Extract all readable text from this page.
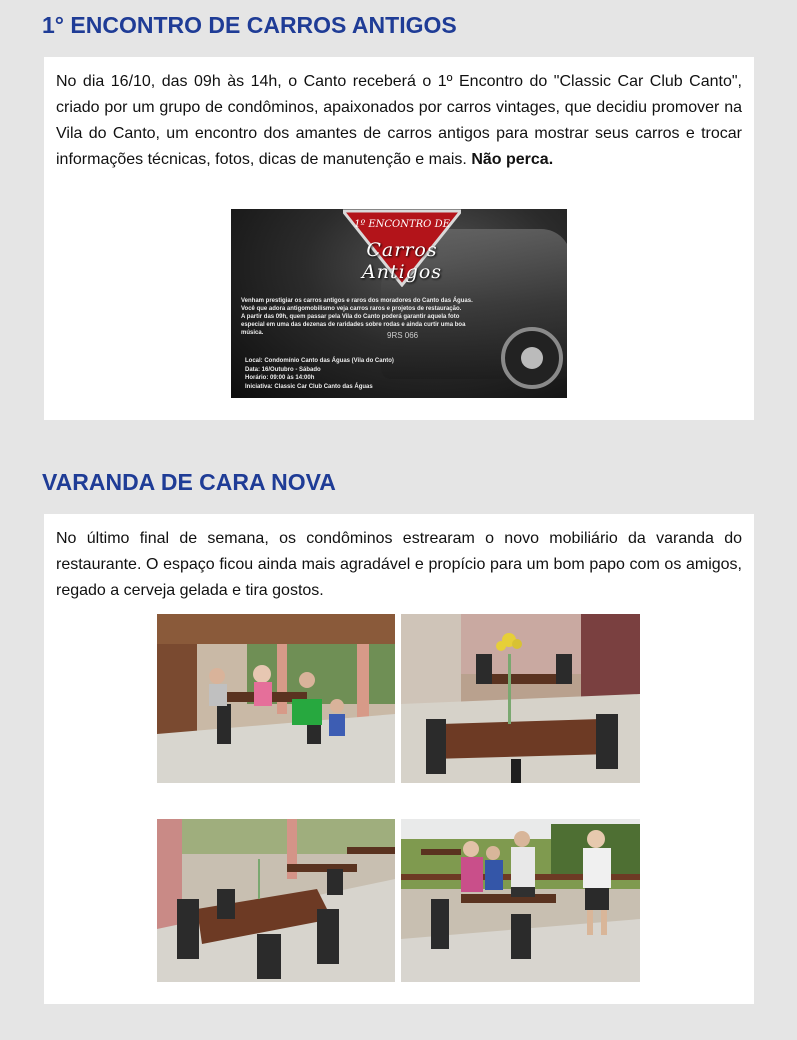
1° ENCONTRO DE CARROS ANTIGOS

No dia 16/10, das 09h às 14h, o Canto receberá o 1º Encontro do "Classic Car Club Canto", criado por um grupo de condôminos, apaixonados por carros vintages, que decidiu promover na Vila do Canto, um encontro dos amantes de carros antigos para mostrar seus carros e trocar informações técnicas, fotos, dicas de manutenção e mais. Não perca.

1º ENCONTRO DE
Carros Antigos
9RS 066
Venham prestigiar os carros antigos e raros dos moradores do Canto das Águas.
Você que adora antigomobilismo veja carros raros e projetos de restauração.
A partir das 09h, quem passar pela Vila do Canto poderá garantir aquela foto
especial em uma das dezenas de raridades sobre rodas e ainda curtir uma boa
música.
Local: Condomínio Canto das Águas (Vila do Canto)
Data: 16/Outubro - Sábado
Horário: 09:00 às 14:00h
Iniciativa: Classic Car Club Canto das Águas
VARANDA DE CARA NOVA

No último final de semana, os condôminos estrearam o novo mobiliário da varanda do restaurante. O espaço ficou ainda mais agradável e propício para um bom papo com os amigos, regado a cerveja gelada e tira gostos.
